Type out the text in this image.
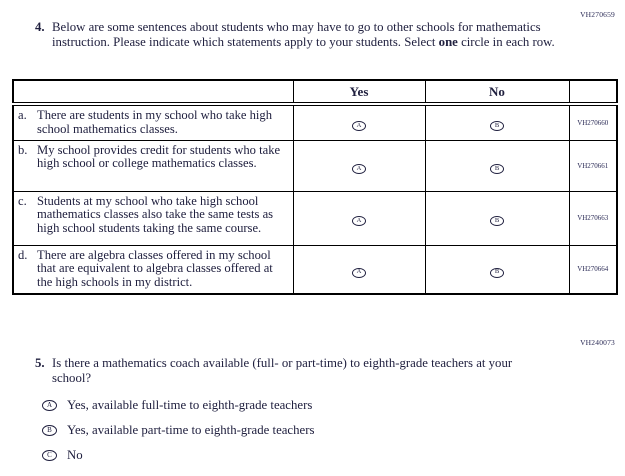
VH270659
4. Below are some sentences about students who may have to go to other schools for mathematics instruction. Please indicate which statements apply to your students. Select one circle in each row.
	Yes	No	

a. There are students in my school who take high school mathematics classes.	A	B	VH270660

b. My school provides credit for students who take high school or college mathematics classes.	A	B	VH270661

c. Students at my school who take high school mathematics classes also take the same tests as high school students taking the same course.	A	B	VH270663

d. There are algebra classes offered in my school that are equivalent to algebra classes offered at the high schools in my district.	A	B	VH270664
VH240073
5. Is there a mathematics coach available (full- or part-time) to eighth-grade teachers at your school?
A	Yes, available full-time to eighth-grade teachers
B	Yes, available part-time to eighth-grade teachers
C	No
